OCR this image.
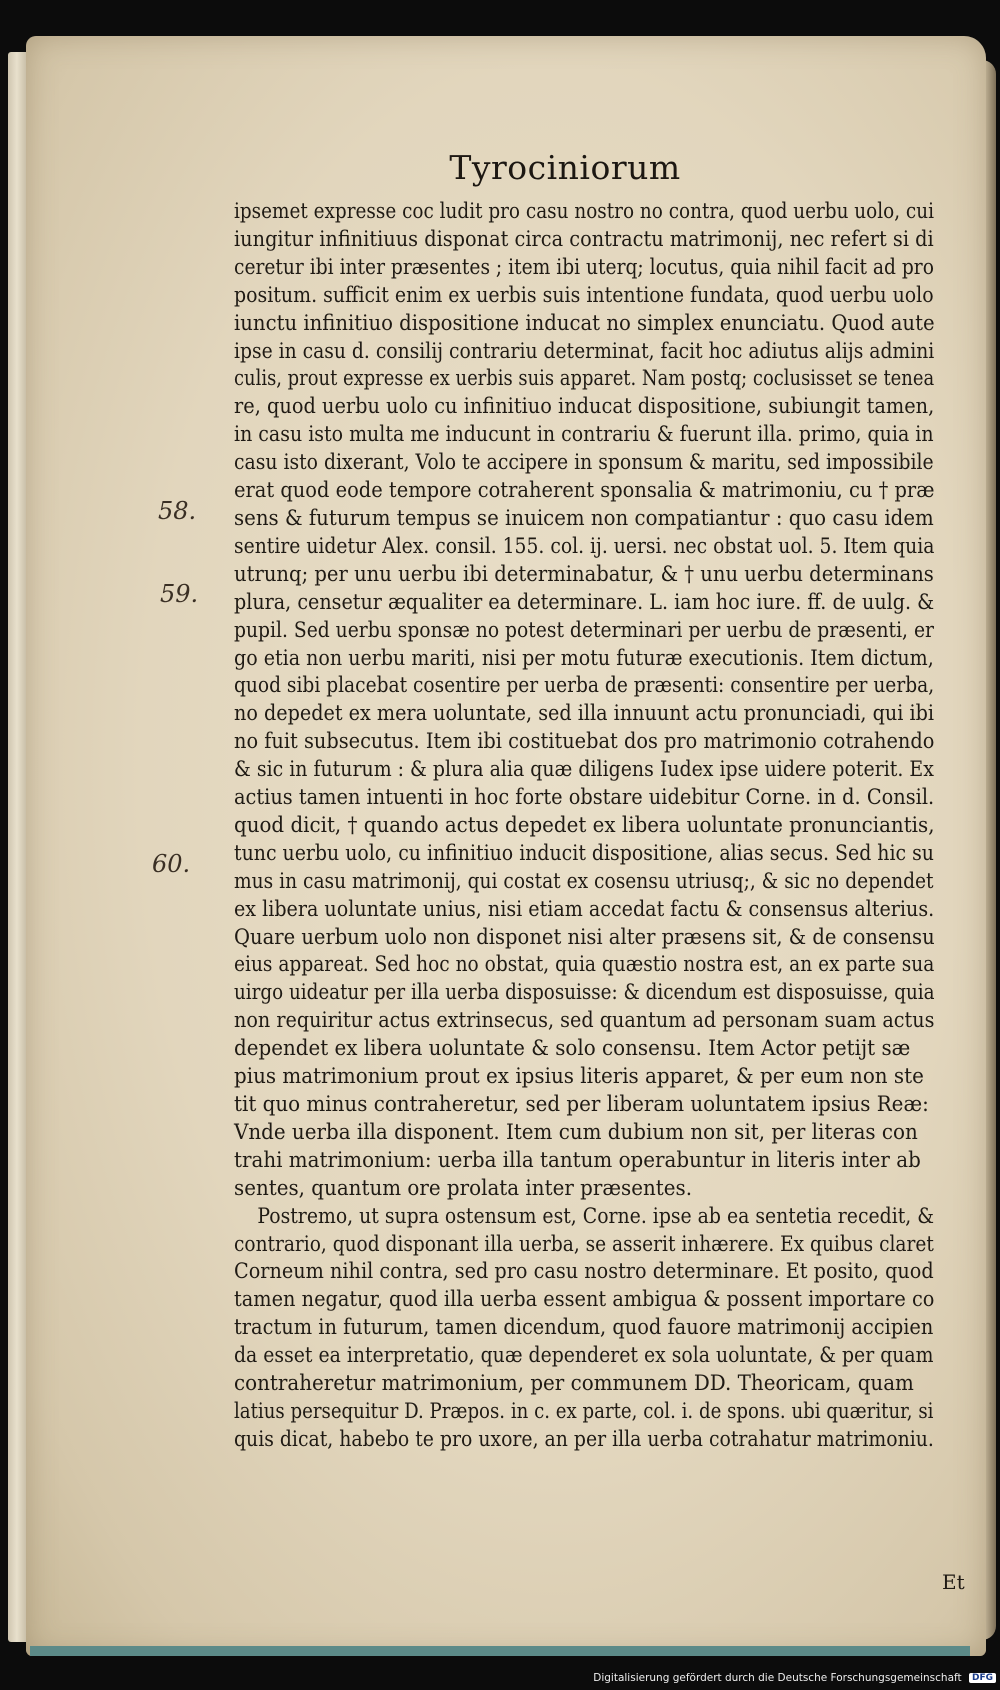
Tyrociniorum
58.
59.
60.
ipsemet expresse coc ludit pro casu nostro no contra, quod uerbu uolo, cui
iungitur infinitiuus disponat circa contractu matrimonij, nec refert si di
ceretur ibi inter præsentes ; item ibi uterq; locutus, quia nihil facit ad pro
positum. sufficit enim ex uerbis suis intentione fundata, quod uerbu uolo
iunctu infinitiuo dispositione inducat no simplex enunciatu. Quod aute
ipse in casu d. consilij contrariu determinat, facit hoc adiutus alijs admini
culis, prout expresse ex uerbis suis apparet. Nam postq; coclusisset se tenea
re, quod uerbu uolo cu infinitiuo inducat dispositione, subiungit tamen,
in casu isto multa me inducunt in contrariu & fuerunt illa. primo, quia in
casu isto dixerant, Volo te accipere in sponsum & maritu, sed impossibile
erat quod eode tempore cotraherent sponsalia & matrimoniu, cu † præ
sens & futurum tempus se inuicem non compatiantur : quo casu idem
sentire uidetur Alex. consil. 155. col. ij. uersi. nec obstat uol. 5. Item quia
utrunq; per unu uerbu ibi determinabatur, & † unu uerbu determinans
plura, censetur æqualiter ea determinare. L. iam hoc iure. ff. de uulg. &
pupil. Sed uerbu sponsæ no potest determinari per uerbu de præsenti, er
go etia non uerbu mariti, nisi per motu futuræ executionis. Item dictum,
quod sibi placebat cosentire per uerba de præsenti: consentire per uerba,
no depedet ex mera uoluntate, sed illa innuunt actu pronunciadi, qui ibi
no fuit subsecutus. Item ibi costituebat dos pro matrimonio cotrahendo
& sic in futurum : & plura alia quæ diligens Iudex ipse uidere poterit. Ex
actius tamen intuenti in hoc forte obstare uidebitur Corne. in d. Consil.
quod dicit, † quando actus depedet ex libera uoluntate pronunciantis,
tunc uerbu uolo, cu infinitiuo inducit dispositione, alias secus. Sed hic su
mus in casu matrimonij, qui costat ex cosensu utriusq;, & sic no dependet
ex libera uoluntate unius, nisi etiam accedat factu & consensus alterius.
Quare uerbum uolo non disponet nisi alter præsens sit, & de consensu
eius appareat. Sed hoc no obstat, quia quæstio nostra est, an ex parte sua
uirgo uideatur per illa uerba disposuisse: & dicendum est disposuisse, quia
non requiritur actus extrinsecus, sed quantum ad personam suam actus
dependet ex libera uoluntate & solo consensu. Item Actor petijt sæ
pius matrimonium prout ex ipsius literis apparet, & per eum non ste
tit quo minus contraheretur, sed per liberam uoluntatem ipsius Reæ:
Vnde uerba illa disponent. Item cum dubium non sit, per literas con
trahi matrimonium: uerba illa tantum operabuntur in literis inter ab
sentes, quantum ore prolata inter præsentes.
Postremo, ut supra ostensum est, Corne. ipse ab ea sentetia recedit, &
contrario, quod disponant illa uerba, se asserit inhærere. Ex quibus claret
Corneum nihil contra, sed pro casu nostro determinare. Et posito, quod
tamen negatur, quod illa uerba essent ambigua & possent importare co
tractum in futurum, tamen dicendum, quod fauore matrimonij accipien
da esset ea interpretatio, quæ dependeret ex sola uoluntate, & per quam
contraheretur matrimonium, per communem DD. Theoricam, quam
latius persequitur D. Præpos. in c. ex parte, col. i. de spons. ubi quæritur, si
quis dicat, habebo te pro uxore, an per illa uerba cotrahatur matrimoniu.
Et
Digitalisierung gefördert durch die Deutsche Forschungsgemeinschaft DFG
